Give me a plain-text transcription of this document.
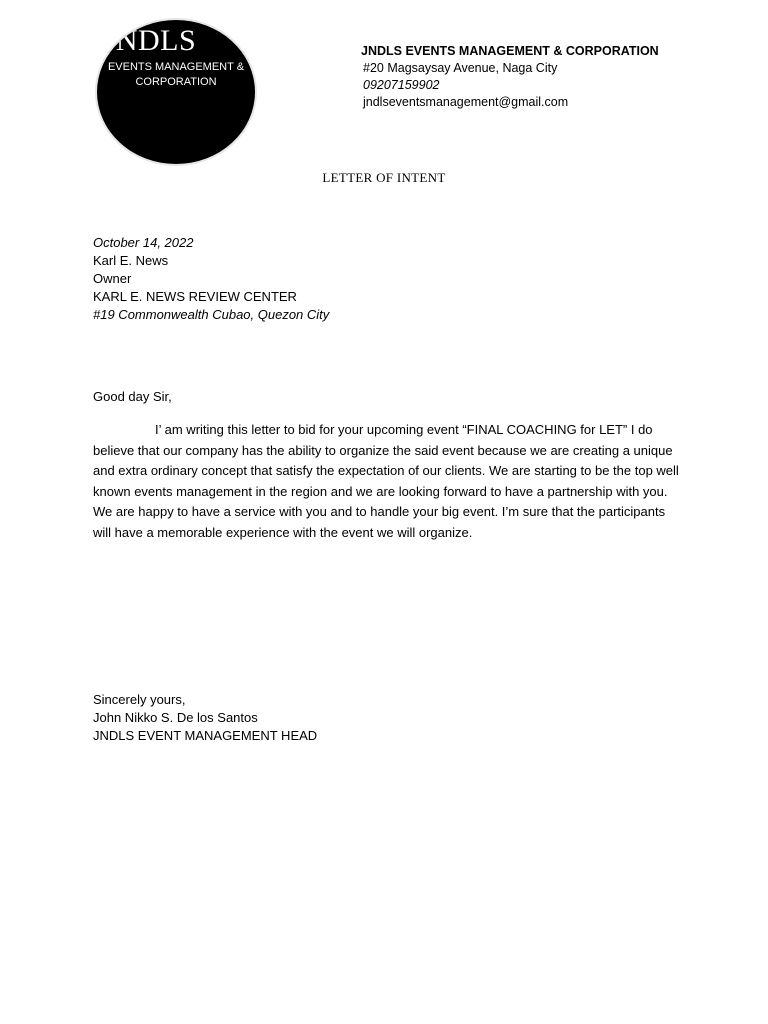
NDLS
EVENTS MANAGEMENT &
CORPORATION
JNDLS EVENTS MANAGEMENT & CORPORATION
#20 Magsaysay Avenue, Naga City
09207159902
jndlseventsmanagement@gmail.com
LETTER OF INTENT
October 14, 2022
Karl E. News
Owner
KARL E. NEWS REVIEW CENTER
#19 Commonwealth Cubao, Quezon City
Good day Sir,
I’ am writing this letter to bid for your upcoming event “FINAL COACHING for LET” I do believe that our company has the ability to organize the said event because we are creating a unique and extra ordinary concept that satisfy the expectation of our clients. We are starting to be the top well known events management in the region and we are looking forward to have a partnership with you. We are happy to have a service with you and to handle your big event. I’m sure that the participants will have a memorable experience with the event we will organize.
Sincerely yours,
John Nikko S. De los Santos
JNDLS EVENT MANAGEMENT HEAD
